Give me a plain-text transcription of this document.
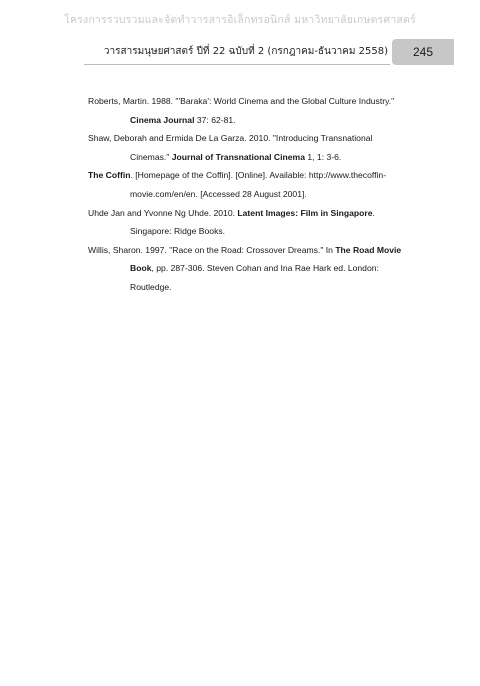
โครงการรวบรวมและจัดทำวารสารอิเล็กทรอนิกส์ มหาวิทยาลัยเกษตรศาสตร์
วารสารมนุษยศาสตร์ ปีที่ 22 ฉบับที่ 2 (กรกฎาคม-ธันวาคม 2558) 245

Roberts, Martin. 1988. "'Baraka': World Cinema and the Global Culture Industry."
Cinema Journal 37: 62-81.

Shaw, Deborah and Ermida De La Garza. 2010. "Introducing Transnational
Cinemas." Journal of Transnational Cinema 1, 1: 3-6.

The Coffin. [Homepage of the Coffin]. [Online]. Available: http://www.thecoffin-
movie.com/en/en. [Accessed 28 August 2001].

Uhde Jan and Yvonne Ng Uhde. 2010. Latent Images: Film in Singapore.
Singapore: Ridge Books.

Willis, Sharon. 1997. "Race on the Road: Crossover Dreams." In The Road Movie
Book, pp. 287-306. Steven Cohan and Ina Rae Hark ed. London:
Routledge.
